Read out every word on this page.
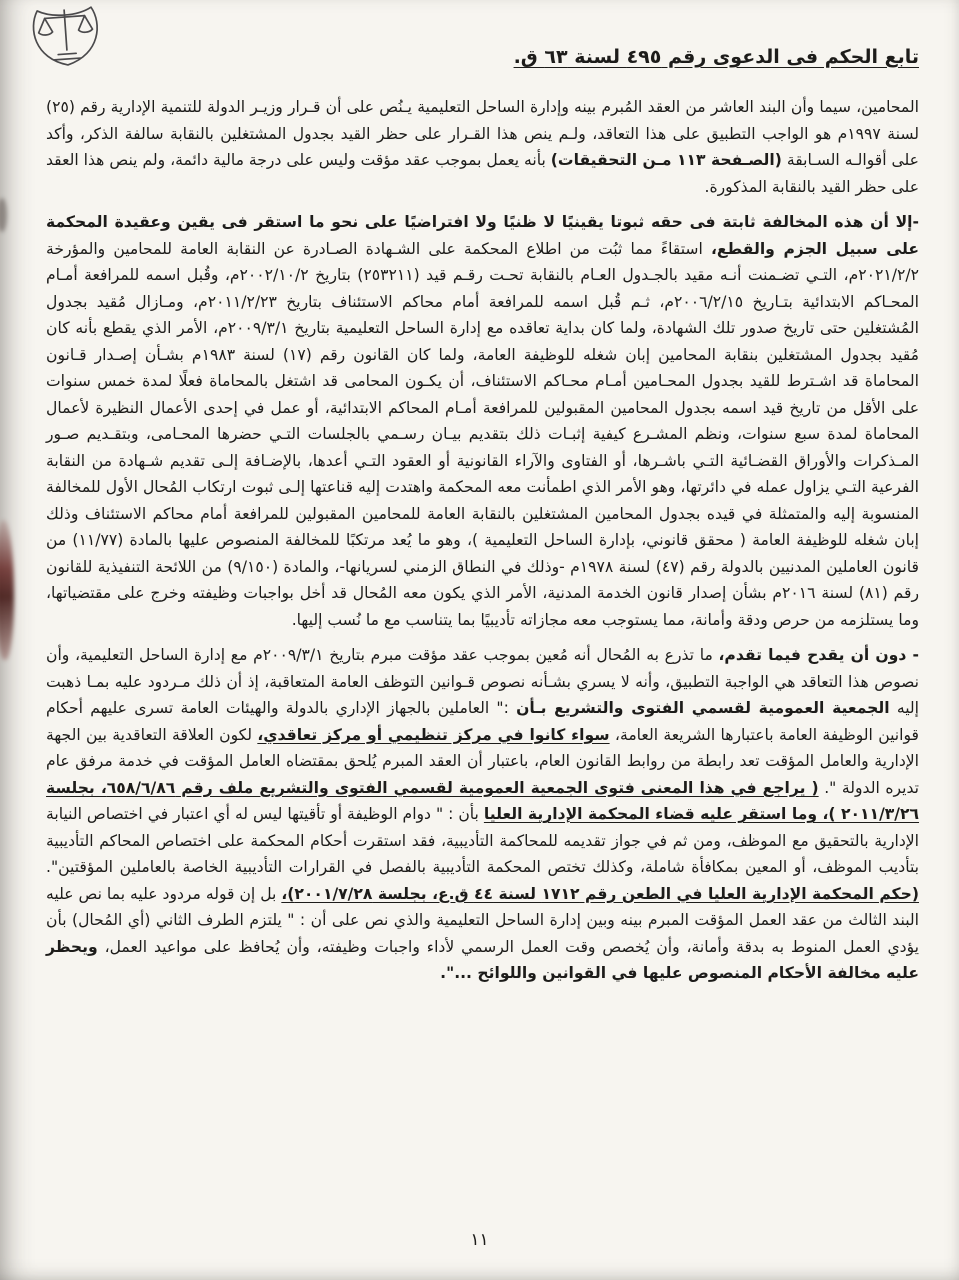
تابع الحكم فى الدعوى رقم ٤٩٥ لسنة ٦٣ ق.

المحامين، سيما وأن البند العاشر من العقد المُبرم بينه وإدارة الساحل التعليمية يـنُص على أن قـرار وزيـر الدولة للتنمية الإدارية رقم (٢٥) لسنة ١٩٩٧م هو الواجب التطبيق على هذا التعاقد، ولـم ينص هذا القـرار على حظر القيد بجدول المشتغلين بالنقابة سالفة الذكر، وأكد على أقوالـه السـابقة (الصـفحة ١١٣ مـن التحقيقات) بأنه يعمل بموجب عقد مؤقت وليس على درجة مالية دائمة، ولم ينص هذا العقد على حظر القيد بالنقابة المذكورة.

-إلا أن هذه المخالفة ثابتة فى حقه ثبوتا يقينيًا لا ظنيًا ولا افتراضيًا على نحو ما استقر فى يقين وعقيدة المحكمة على سبيل الجزم والقطع، استقاءً مما ثبُت من اطلاع المحكمة على الشـهادة الصـادرة عن النقابة العامة للمحامين والمؤرخة ٢٠٢١/٢/٢م، التـي تضـمنت أنـه مقيد بالجـدول العـام بالنقابة تحـت رقـم قيد (٢٥٣٢١١) بتاريخ ٢٠٠٢/١٠/٢م، وقُبل اسمه للمرافعة أمـام المحـاكم الابتدائية بتـاريخ ٢٠٠٦/٢/١٥م، ثـم قُبل اسمه للمرافعة أمام محاكم الاستئناف بتاريخ ٢٠١١/٢/٢٣م، ومـازال مُقيد بجدول المُشتغلين حتى تاريخ صدور تلك الشهادة، ولما كان بداية تعاقده مع إدارة الساحل التعليمية بتاريخ ٢٠٠٩/٣/١م، الأمر الذي يقطع بأنه كان مُقيد بجدول المشتغلين بنقابة المحامين إبان شغله للوظيفة العامة، ولما كان القانون رقم (١٧) لسنة ١٩٨٣م بشـأن إصـدار قـانون المحاماة قد اشـترط للقيد بجدول المحـامين أمـام محـاكم الاستئناف، أن يكـون المحامى قد اشتغل بالمحاماة فعلًا لمدة خمس سنوات على الأقل من تاريخ قيد اسمه بجدول المحامين المقبولين للمرافعة أمـام المحاكم الابتدائية، أو عمل في إحدى الأعمال النظيرة لأعمال المحاماة لمدة سبع سنوات، ونظم المشـرع كيفية إثبـات ذلك بتقديم بيـان رسـمي بالجلسات التـي حضرها المحـامى، وبتقـديم صـور المـذكرات والأوراق القضـائية التـي باشـرها، أو الفتاوى والآراء القانونية أو العقود التـي أعدها، بالإضـافة إلـى تقديم شـهادة من النقابة الفرعية التـي يزاول عمله في دائرتها، وهو الأمر الذي اطمأنت معه المحكمة واهتدت إليه قناعتها إلـى ثبوت ارتكاب المُحال الأول للمخالفة المنسوبة إليه والمتمثلة في قيده بجدول المحامين المشتغلين بالنقابة العامة للمحامين المقبولين للمرافعة أمام محاكم الاستئناف وذلك إبان شغله للوظيفة العامة ( محقق قانوني، بإدارة الساحل التعليمية )، وهو ما يُعد مرتكبًا للمخالفة المنصوص عليها بالمادة (١١/٧٧) من قانون العاملين المدنيين بالدولة رقم (٤٧) لسنة ١٩٧٨م -وذلك في النطاق الزمني لسريانها-، والمادة (٩/١٥٠) من اللائحة التنفيذية للقانون رقم (٨١) لسنة ٢٠١٦م بشأن إصدار قانون الخدمة المدنية، الأمر الذي يكون معه المُحال قد أخل بواجبات وظيفته وخرج على مقتضياتها، وما يستلزمه من حرص ودقة وأمانة، مما يستوجب معه مجازاته تأديبيًا بما يتناسب مع ما نُسب إليها.

- دون أن يقدح فيما تقدم، ما تذرع به المُحال أنه مُعين بموجب عقد مؤقت مبرم بتاريخ ٢٠٠٩/٣/١م مع إدارة الساحل التعليمية، وأن نصوص هذا التعاقد هي الواجبة التطبيق، وأنه لا يسري بشـأنه نصوص قـوانين التوظف العامة المتعاقبة، إذ أن ذلك مـردود عليه بمـا ذهبت إليه الجمعية العمومية لقسمي الفتوى والتشريع بـأن :" العاملين بالجهاز الإداري بالدولة والهيئات العامة تسرى عليهم أحكام قوانين الوظيفة العامة باعتبارها الشريعة العامة، سواء كانوا في مركز تنظيمي أو مركز تعاقدي، لكون العلاقة التعاقدية بين الجهة الإدارية والعامل المؤقت تعد رابطة من روابط القانون العام، باعتبار أن العقد المبرم يُلحق بمقتضاه العامل المؤقت في خدمة مرفق عام تديره الدولة ". ( يراجع في هذا المعنى فتوى الجمعية العمومية لقسمي الفتوى والتشريع ملف رقم ٦٥٨/٦/٨٦، بجلسة ٢٠١١/٣/٢٦ )، وما استقر عليه قضاء المحكمة الإدارية العليا بأن : " دوام الوظيفة أو تأقيتها ليس له أي اعتبار في اختصاص النيابة الإدارية بالتحقيق مع الموظف، ومن ثم في جواز تقديمه للمحاكمة التأديبية، فقد استقرت أحكام المحكمة على اختصاص المحاكم التأديبية بتأديب الموظف، أو المعين بمكافأة شاملة، وكذلك تختص المحكمة التأديبية بالفصل في القرارات التأديبية الخاصة بالعاملين المؤقتين". (حكم المحكمة الإدارية العليا في الطعن رقم ١٧١٢ لسنة ٤٤ ق.ع، بجلسة ٢٠٠١/٧/٢٨)، بل إن قوله مردود عليه بما نص عليه البند الثالث من عقد العمل المؤقت المبرم بينه وبين إدارة الساحل التعليمية والذي نص على أن : " يلتزم الطرف الثاني (أي المُحال) بأن يؤدي العمل المنوط به بدقة وأمانة، وأن يُخصص وقت العمل الرسمي لأداء واجبات وظيفته، وأن يُحافظ على مواعيد العمل، ويحظر عليه مخالفة الأحكام المنصوص عليها في القوانين واللوائح ...".

١١
